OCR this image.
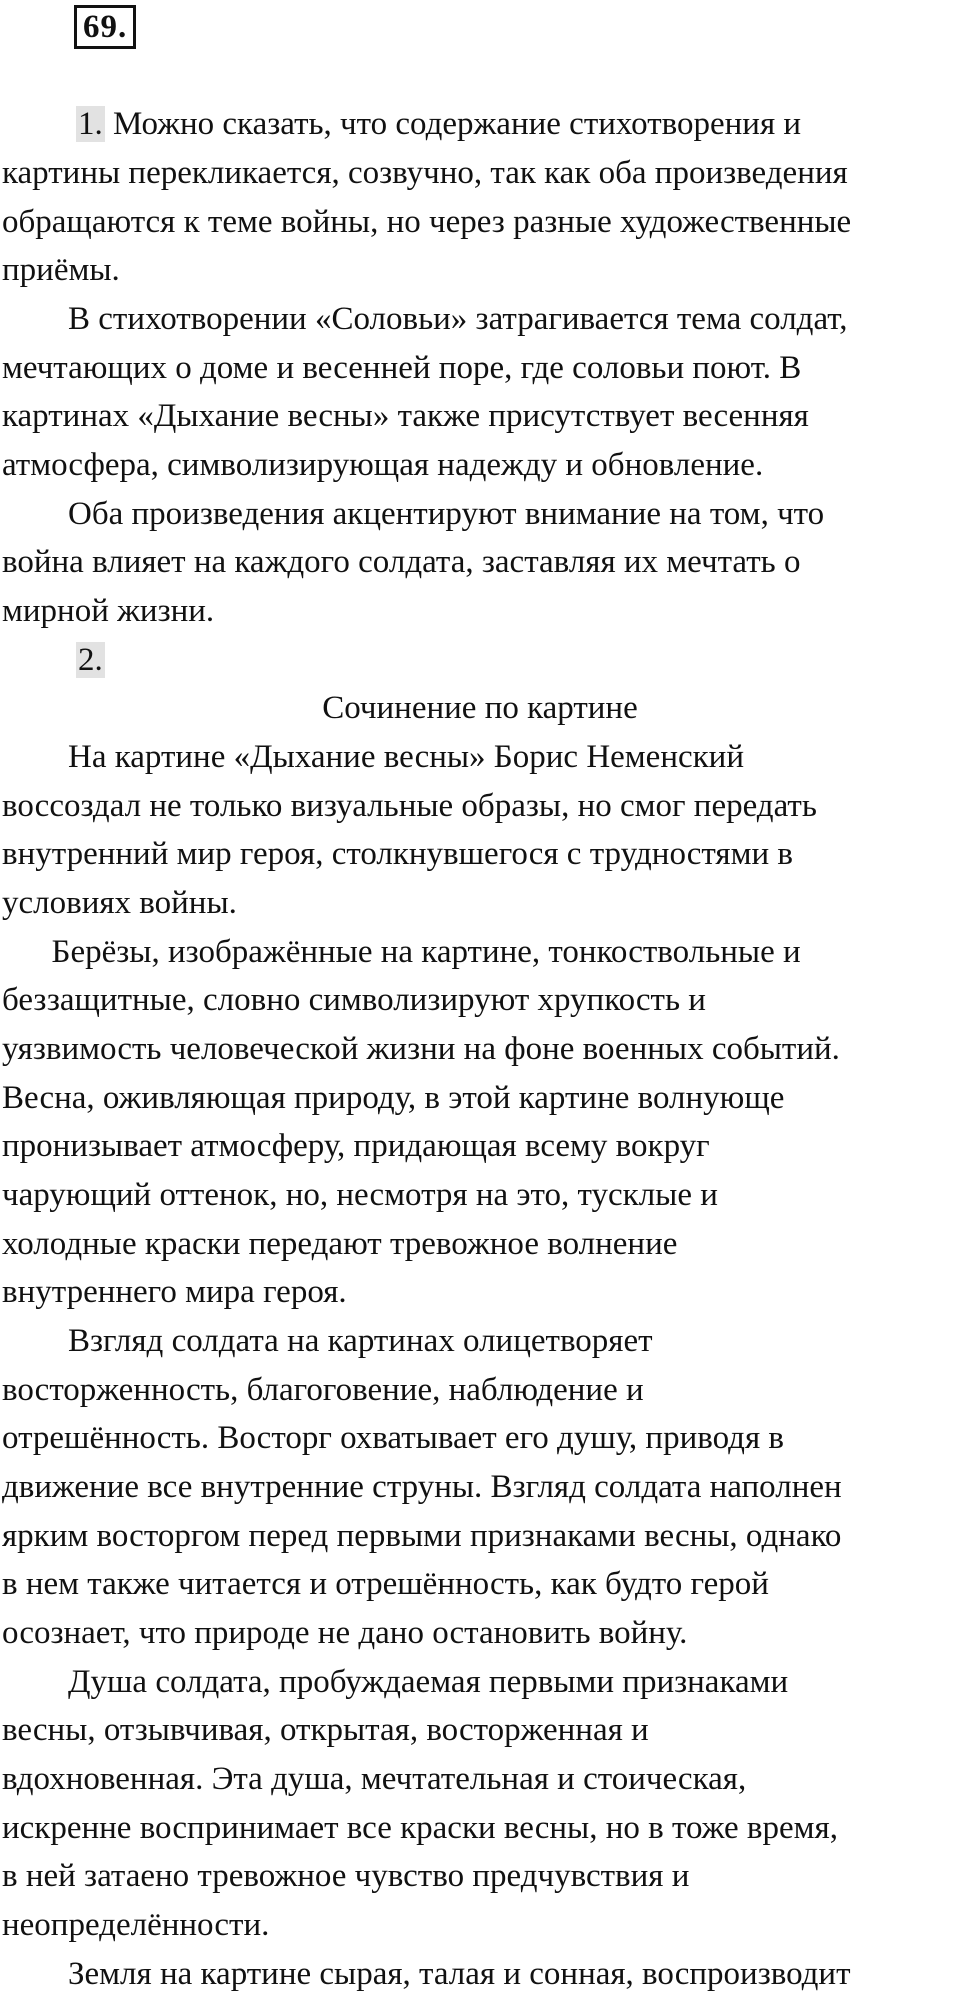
69.
1. Можно сказать, что содержание стихотворения и
картины перекликается, созвучно, так как оба произведения
обращаются к теме войны, но через разные художественные
приёмы.
В стихотворении «Соловьи» затрагивается тема солдат,
мечтающих о доме и весенней поре, где соловьи поют. В
картинах «Дыхание весны» также присутствует весенняя
атмосфера, символизирующая надежду и обновление.
Оба произведения акцентируют внимание на том, что
война влияет на каждого солдата, заставляя их мечтать о
мирной жизни.
2.
Сочинение по картине
На картине «Дыхание весны» Борис Неменский
воссоздал не только визуальные образы, но смог передать
внутренний мир героя, столкнувшегося с трудностями в
условиях войны.
Берёзы, изображённые на картине, тонкоствольные и
беззащитные, словно символизируют хрупкость и
уязвимость человеческой жизни на фоне военных событий.
Весна, оживляющая природу, в этой картине волнующе
пронизывает атмосферу, придающая всему вокруг
чарующий оттенок, но, несмотря на это, тусклые и
холодные краски передают тревожное волнение
внутреннего мира героя.
Взгляд солдата на картинах олицетворяет
восторженность, благоговение, наблюдение и
отрешённость. Восторг охватывает его душу, приводя в
движение все внутренние струны. Взгляд солдата наполнен
ярким восторгом перед первыми признаками весны, однако
в нем также читается и отрешённость, как будто герой
осознает, что природе не дано остановить войну.
Душа солдата, пробуждаемая первыми признаками
весны, отзывчивая, открытая, восторженная и
вдохновенная. Эта душа, мечтательная и стоическая,
искренне воспринимает все краски весны, но в тоже время,
в ней затаено тревожное чувство предчувствия и
неопределённости.
Земля на картине сырая, талая и сонная, воспроизводит
